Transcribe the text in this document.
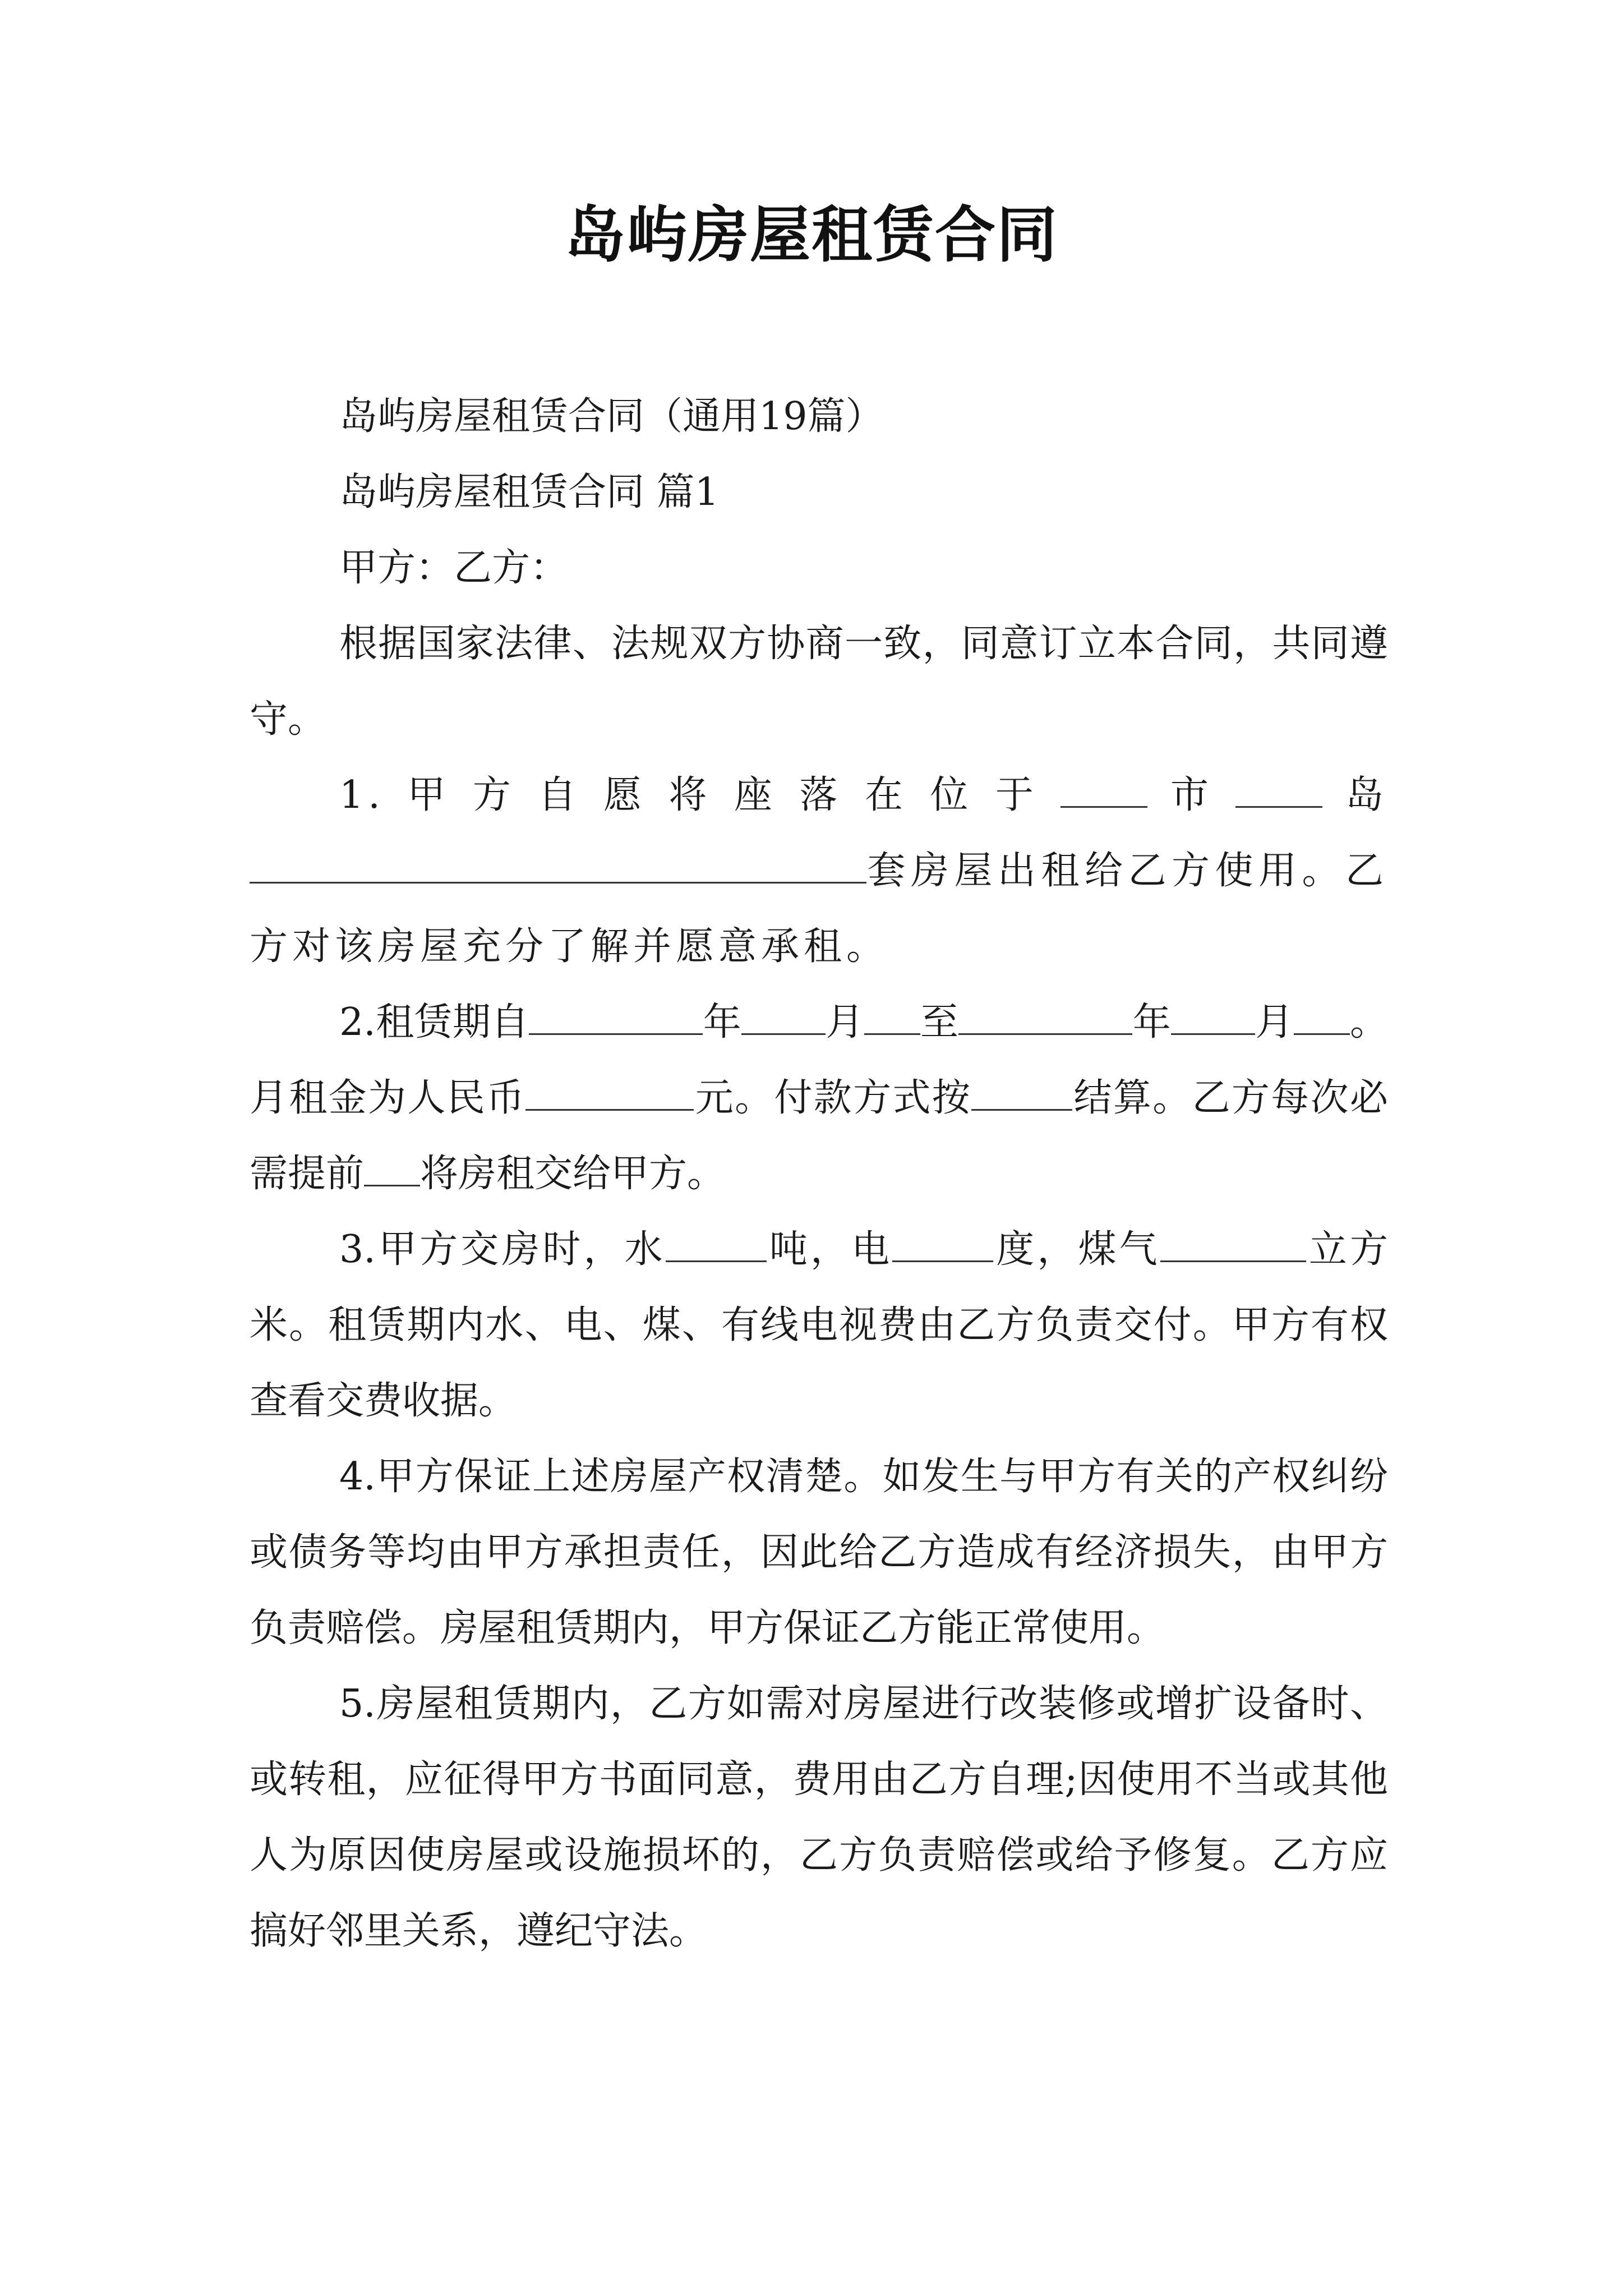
岛屿房屋租赁合同

岛屿房屋租赁合同（通用19篇）

岛屿房屋租赁合同 篇1

甲方：乙方：

根据国家法律、法规双方协商一致，同意订立本合同，共同遵守。

1.甲方自愿将座落在位于 市 岛套房屋出租给乙方使用。乙方对该房屋充分了解并愿意承租。

2.租赁期自	年 月 至	年 月 。月租金为人民币	元。付款方式按	结算。乙方每次必需提前 将房租交给甲方。

3.甲方交房时，水	吨，电	度，煤气	立方米。租赁期内水、电、煤、有线电视费由乙方负责交付。甲方有权查看交费收据。

4.甲方保证上述房屋产权清楚。如发生与甲方有关的产权纠纷或债务等均由甲方承担责任，因此给乙方造成有经济损失，由甲方负责赔偿。房屋租赁期内，甲方保证乙方能正常使用。

5.房屋租赁期内，乙方如需对房屋进行改装修或增扩设备时、或转租，应征得甲方书面同意，费用由乙方自理;因使用不当或其他人为原因使房屋或设施损坏的，乙方负责赔偿或给予修复。乙方应搞好邻里关系，遵纪守法。
